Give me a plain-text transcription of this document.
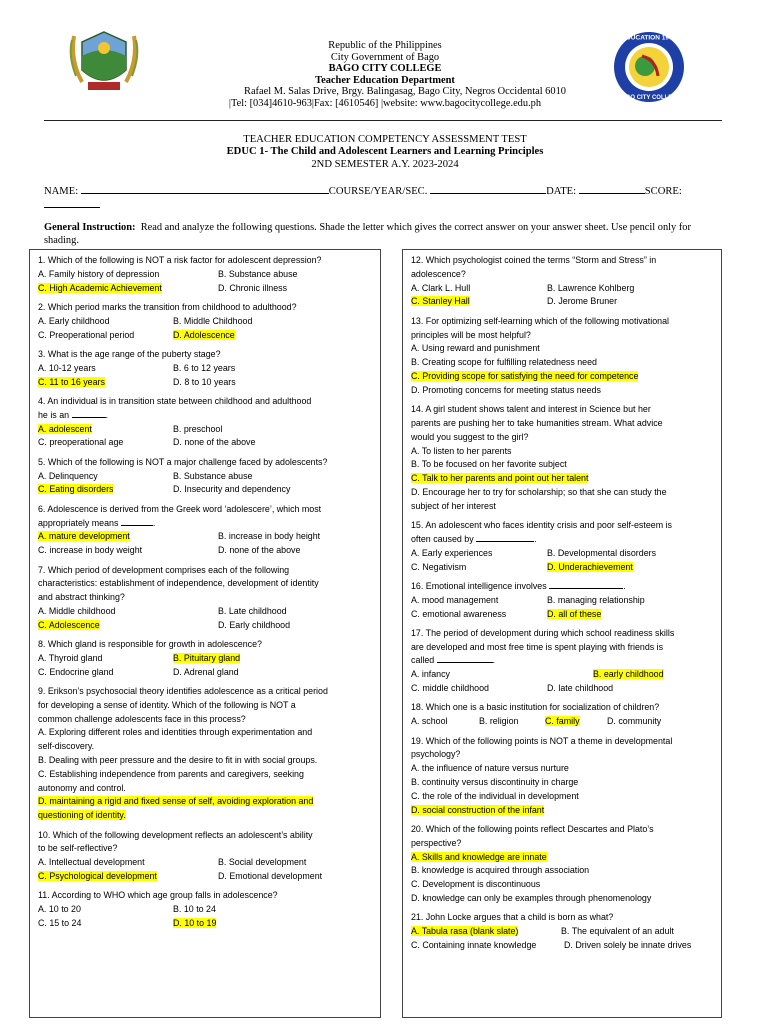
EDUCATION 1966
BAGO CITY COLLEGE
Republic of the Philippines
City Government of Bago
BAGO CITY COLLEGE
Teacher Education Department
Rafael M. Salas Drive, Brgy. Balingasag, Bago City, Negros Occidental 6010
|Tel: [034]4610-963|Fax: [4610546] |website: www.bagocitycollege.edu.ph
TEACHER EDUCATION COMPETENCY ASSESSMENT TEST
EDUC 1- The Child and Adolescent Learners and Learning Principles
2ND SEMESTER A.Y. 2023-2024
NAME:	COURSE/YEAR/SEC.	DATE:	SCORE:

General Instruction: Read and analyze the following questions. Shade the letter which gives the correct answer on your answer sheet. Use pencil only for shading.
1. Which of the following is NOT a risk factor for adolescent depression?
A. Family history of depression	B. Substance abuse
C. High Academic Achievement	D. Chronic illness
2. Which period marks the transition from childhood to adulthood?
A. Early childhood	B. Middle Childhood
C. Preoperational period	D. Adolescence
3. What is the age range of the puberty stage?
A. 10-12 years	B. 6 to 12 years
C. 11 to 16 years	D. 8 to 10 years
4. An individual is in transition state between childhood and adulthood
he is an	.
A. adolescent	B. preschool
C. preoperational age	D. none of the above
5. Which of the following is NOT a major challenge faced by adolescents?
A. Delinquency	B. Substance abuse
C. Eating disorders	D. Insecurity and dependency
6. Adolescence is derived from the Greek word ‘adolescere’, which most
appropriately means	.
A. mature development	B. increase in body height
C. increase in body weight	D. none of the above
7. Which period of development comprises each of the following
characteristics: establishment of independence, development of identity
and abstract thinking?
A. Middle childhood	B. Late childhood
C. Adolescence	D. Early childhood
8. Which gland is responsible for growth in adolescence?
A. Thyroid gland	B. Pituitary gland
C. Endocrine gland	D. Adrenal gland
9. Erikson’s psychosocial theory identifies adolescence as a critical period
for developing a sense of identity. Which of the following is NOT a
common challenge adolescents face in this process?
A. Exploring different roles and identities through experimentation and
self-discovery.
B. Dealing with peer pressure and the desire to fit in with social groups.
C. Establishing independence from parents and caregivers, seeking
autonomy and control.
D. maintaining a rigid and fixed sense of self, avoiding exploration and
questioning of identity.
10. Which of the following development reflects an adolescent’s ability
to be self-reflective?
A. Intellectual development	B. Social development
C. Psychological development	D. Emotional development
11. According to WHO which age group falls in adolescence?
A. 10 to 20	B. 10 to 24
C. 15 to 24	D. 10 to 19
12. Which psychologist coined the terms “Storm and Stress” in
adolescence?
A. Clark L. Hull	B. Lawrence Kohlberg
C. Stanley Hall	D. Jerome Bruner
13. For optimizing self-learning which of the following motivational
principles will be most helpful?
A. Using reward and punishment
B. Creating scope for fulfilling relatedness need
C. Providing scope for satisfying the need for competence
D. Promoting concerns for meeting status needs
14. A girl student shows talent and interest in Science but her
parents are pushing her to take humanities stream. What advice
would you suggest to the girl?
A. To listen to her parents
B. To be focused on her favorite subject
C. Talk to her parents and point out her talent
D. Encourage her to try for scholarship; so that she can study the
subject of her interest
15. An adolescent who faces identity crisis and poor self-esteem is
often caused by	.
A. Early experiences	B. Developmental disorders
C. Negativism	D. Underachievement
16. Emotional intelligence involves	.
A. mood management	B. managing relationship
C. emotional awareness	D. all of these
17. The period of development during which school readiness skills
are developed and most free time is spent playing with friends is
called	.
A. infancy	B. early childhood
C. middle childhood	D. late childhood
18. Which one is a basic institution for socialization of children?
A. school	B. religion	C. family	D. community
19. Which of the following points is NOT a theme in developmental
psychology?
A. the influence of nature versus nurture
B. continuity versus discontinuity in charge
C. the role of the individual in development
D. social construction of the infant
20. Which of the following points reflect Descartes and Plato’s
perspective?
A. Skills and knowledge are innate
B. knowledge is acquired through association
C. Development is discontinuous
D. knowledge can only be examples through phenomenology
21. John Locke argues that a child is born as what?
A. Tabula rasa (blank slate)	B. The equivalent of an adult
C. Containing innate knowledge	D. Driven solely be innate drives
